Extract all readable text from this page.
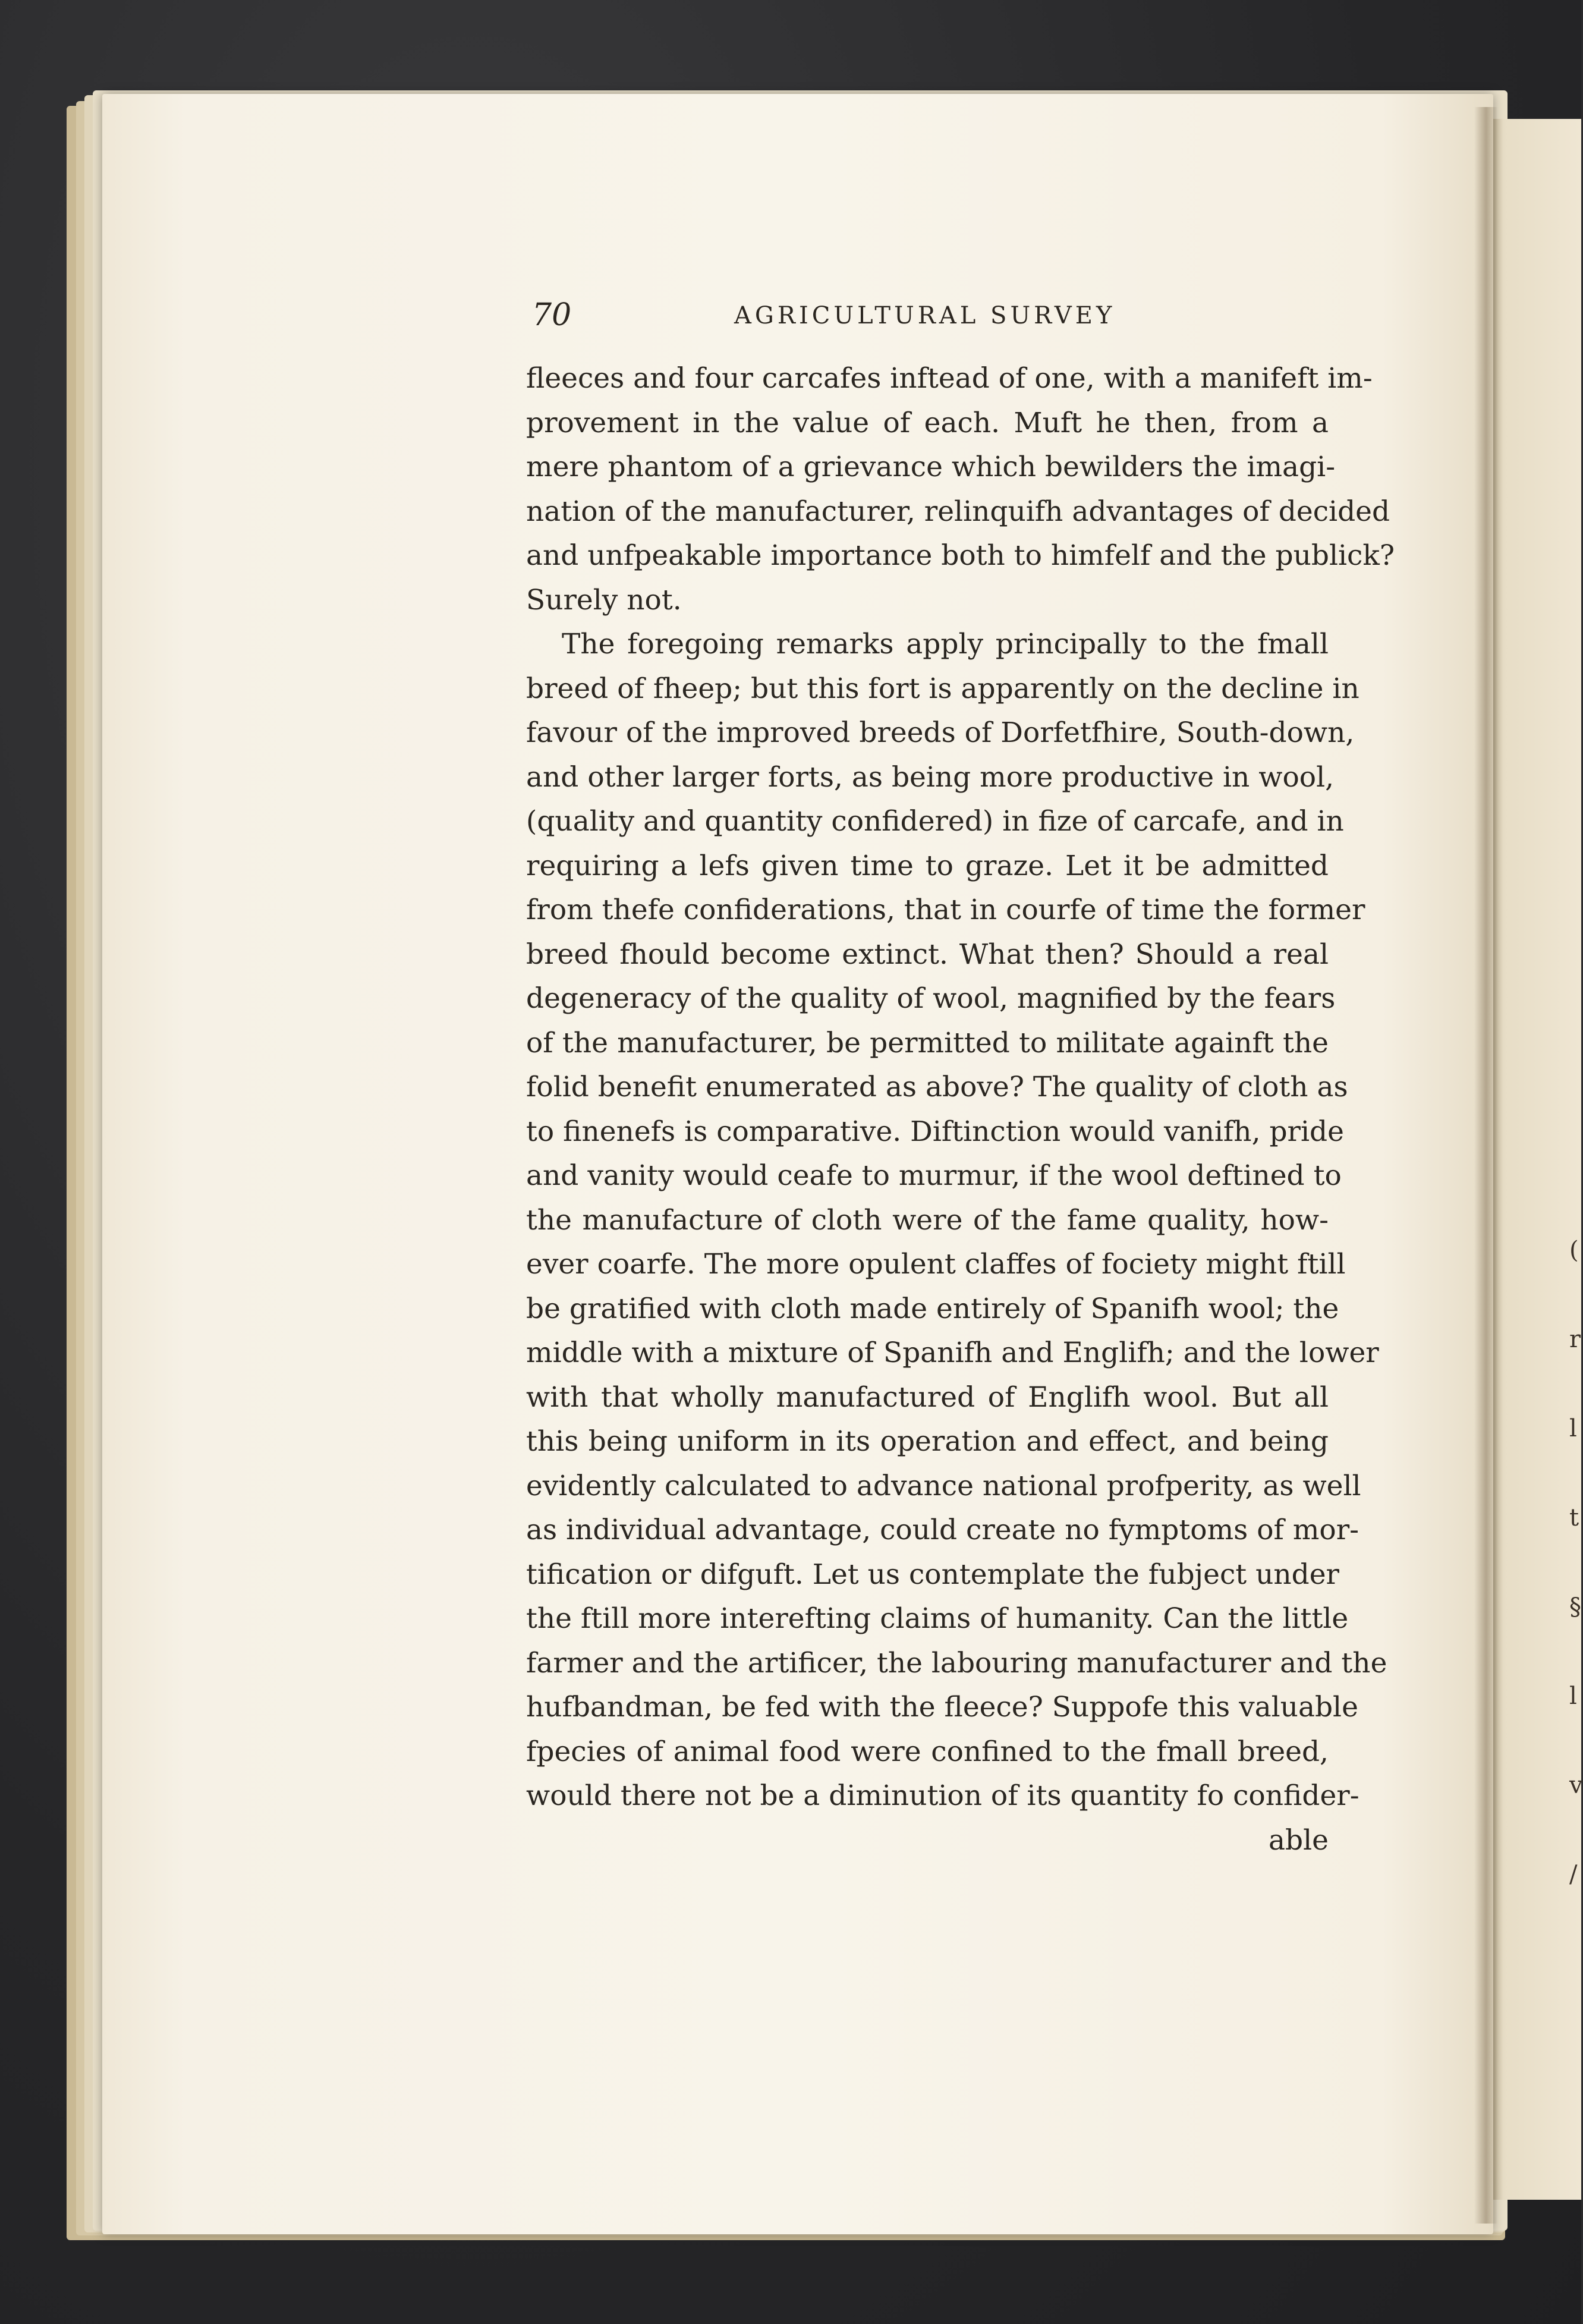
70	AGRICULTURAL SURVEY
fleeces and four carcafes inftead of one, with a manifeft im-
provement in the value of each. Muft he then, from a
mere phantom of a grievance which bewilders the imagi-
nation of the manufacturer, relinquifh advantages of decided
and unfpeakable importance both to himfelf and the publick?
Surely not.
The foregoing remarks apply principally to the fmall
breed of fheep; but this fort is apparently on the decline in
favour of the improved breeds of Dorfetfhire, South-down,
and other larger forts, as being more productive in wool,
(quality and quantity confidered) in fize of carcafe, and in
requiring a lefs given time to graze. Let it be admitted
from thefe confiderations, that in courfe of time the former
breed fhould become extinct. What then? Should a real
degeneracy of the quality of wool, magnified by the fears
of the manufacturer, be permitted to militate againft the
folid benefit enumerated as above? The quality of cloth as
to finenefs is comparative. Diftinction would vanifh, pride
and vanity would ceafe to murmur, if the wool deftined to
the manufacture of cloth were of the fame quality, how-
ever coarfe. The more opulent claffes of fociety might ftill
be gratified with cloth made entirely of Spanifh wool; the
middle with a mixture of Spanifh and Englifh; and the lower
with that wholly manufactured of Englifh wool. But all
this being uniform in its operation and effect, and being
evidently calculated to advance national profperity, as well
as individual advantage, could create no fymptoms of mor-
tification or difguft. Let us contemplate the fubject under
the ftill more interefting claims of humanity. Can the little
farmer and the artificer, the labouring manufacturer and the
hufbandman, be fed with the fleece? Suppofe this valuable
fpecies of animal food were confined to the fmall breed,
would there not be a diminution of its quantity fo confider-
able
(
r
l
t
§
l
v
/
